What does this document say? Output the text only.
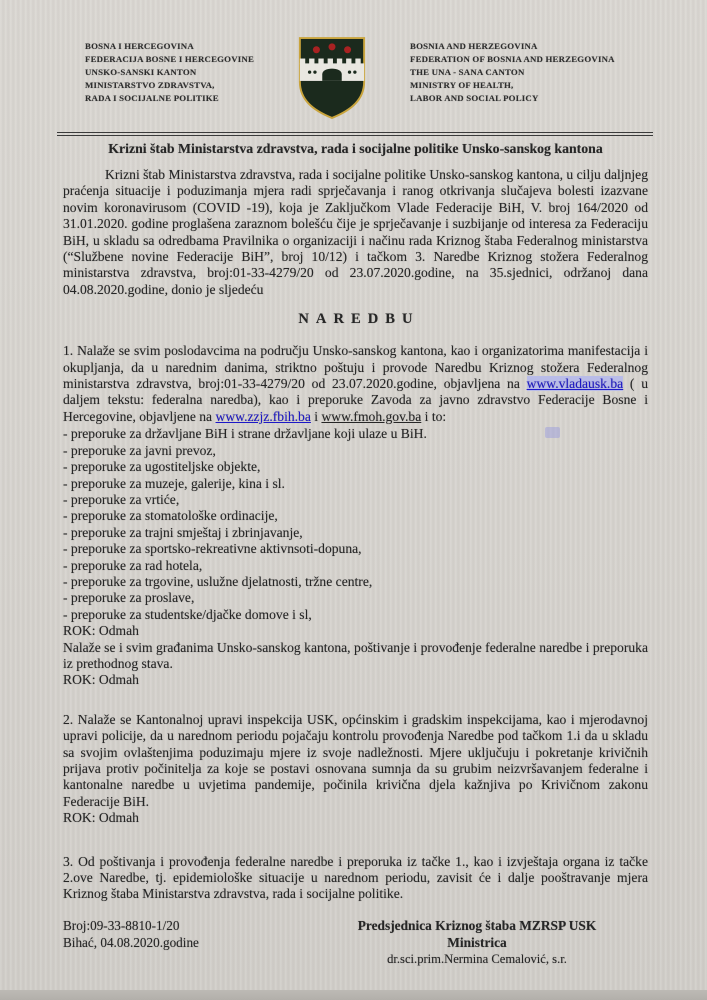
BOSNA I HERCEGOVINA
FEDERACIJA BOSNE I HERCEGOVINE
UNSKO-SANSKI KANTON
MINISTARSTVO ZDRAVSTVA,
RADA I SOCIJALNE POLITIKE
BOSNIA AND HERZEGOVINA
FEDERATION OF BOSNIA AND HERZEGOVINA
THE UNA - SANA CANTON
MINISTRY OF HEALTH,
LABOR AND SOCIAL POLICY
Krizni štab Ministarstva zdravstva, rada i socijalne politike Unsko-sanskog kantona
Krizni štab Ministarstva zdravstva, rada i socijalne politike Unsko-sanskog kantona, u cilju daljnjeg praćenja situacije i poduzimanja mjera radi sprječavanja i ranog otkrivanja slučajeva bolesti izazvane novim koronavirusom (COVID -19), koja je Zaključkom Vlade Federacije BiH, V. broj 164/2020 od 31.01.2020. godine proglašena zaraznom bolešću čije je sprječavanje i suzbijanje od interesa za Federaciju BiH, u skladu sa odredbama Pravilnika o organizaciji i načinu rada Kriznog štaba Federalnog ministarstva (“Službene novine Federacije BiH”, broj 10/12) i tačkom 3. Naredbe Kriznog stožera Federalnog ministarstva zdravstva, broj:01-33-4279/20 od 23.07.2020.godine, na 35.sjednici, održanoj dana 04.08.2020.godine, donio je sljedeću
NAREDBU
1. Nalaže se svim poslodavcima na području Unsko-sanskog kantona, kao i organizatorima manifestacija i okupljanja, da u narednim danima, striktno poštuju i provode Naredbu Kriznog stožera Federalnog ministarstva zdravstva, broj:01-33-4279/20 od 23.07.2020.godine, objavljena na www.vladausk.ba ( u daljem tekstu: federalna naredba), kao i preporuke Zavoda za javno zdravstvo Federacije Bosne i Hercegovine, objavljene na www.zzjz.fbih.ba i www.fmoh.gov.ba i to:
- preporuke za državljane BiH i strane državljane koji ulaze u BiH.
- preporuke za javni prevoz,
- preporuke za ugostiteljske objekte,
- preporuke za muzeje, galerije, kina i sl.
- preporuke za vrtiće,
- preporuke za stomatološke ordinacije,
- preporuke za trajni smještaj i zbrinjavanje,
- preporuke za sportsko-rekreativne aktivnsoti-dopuna,
- preporuke za rad hotela,
- preporuke za trgovine, uslužne djelatnosti, tržne centre,
- preporuke za proslave,
- preporuke za studentske/djačke domove i sl,
ROK: Odmah
Nalaže se i svim građanima Unsko-sanskog kantona, poštivanje i provođenje federalne naredbe i preporuka iz prethodnog stava.
ROK: Odmah
2. Nalaže se Kantonalnoj upravi inspekcija USK, općinskim i gradskim inspekcijama, kao i mjerodavnoj upravi policije, da u narednom periodu pojačaju kontrolu provođenja Naredbe pod tačkom 1.i da u skladu sa svojim ovlaštenjima poduzimaju mjere iz svoje nadležnosti. Mjere uključuju i pokretanje krivičnih prijava protiv počinitelja za koje se postavi osnovana sumnja da su grubim neizvršavanjem federalne i kantonalne naredbe u uvjetima pandemije, počinila krivična djela kažnjiva po Krivičnom zakonu Federacije BiH.
ROK: Odmah
3. Od poštivanja i provođenja federalne naredbe i preporuka iz tačke 1., kao i izvještaja organa iz tačke 2.ove Naredbe, tj. epidemiološke situacije u narednom periodu, zavisit će i dalje pooštravanje mjera Kriznog štaba Ministarstva zdravstva, rada i socijalne politike.
Broj:09-33-8810-1/20
Bihać, 04.08.2020.godine
Predsjednica Kriznog štaba MZRSP USK
Ministrica
dr.sci.prim.Nermina Cemalović, s.r.
